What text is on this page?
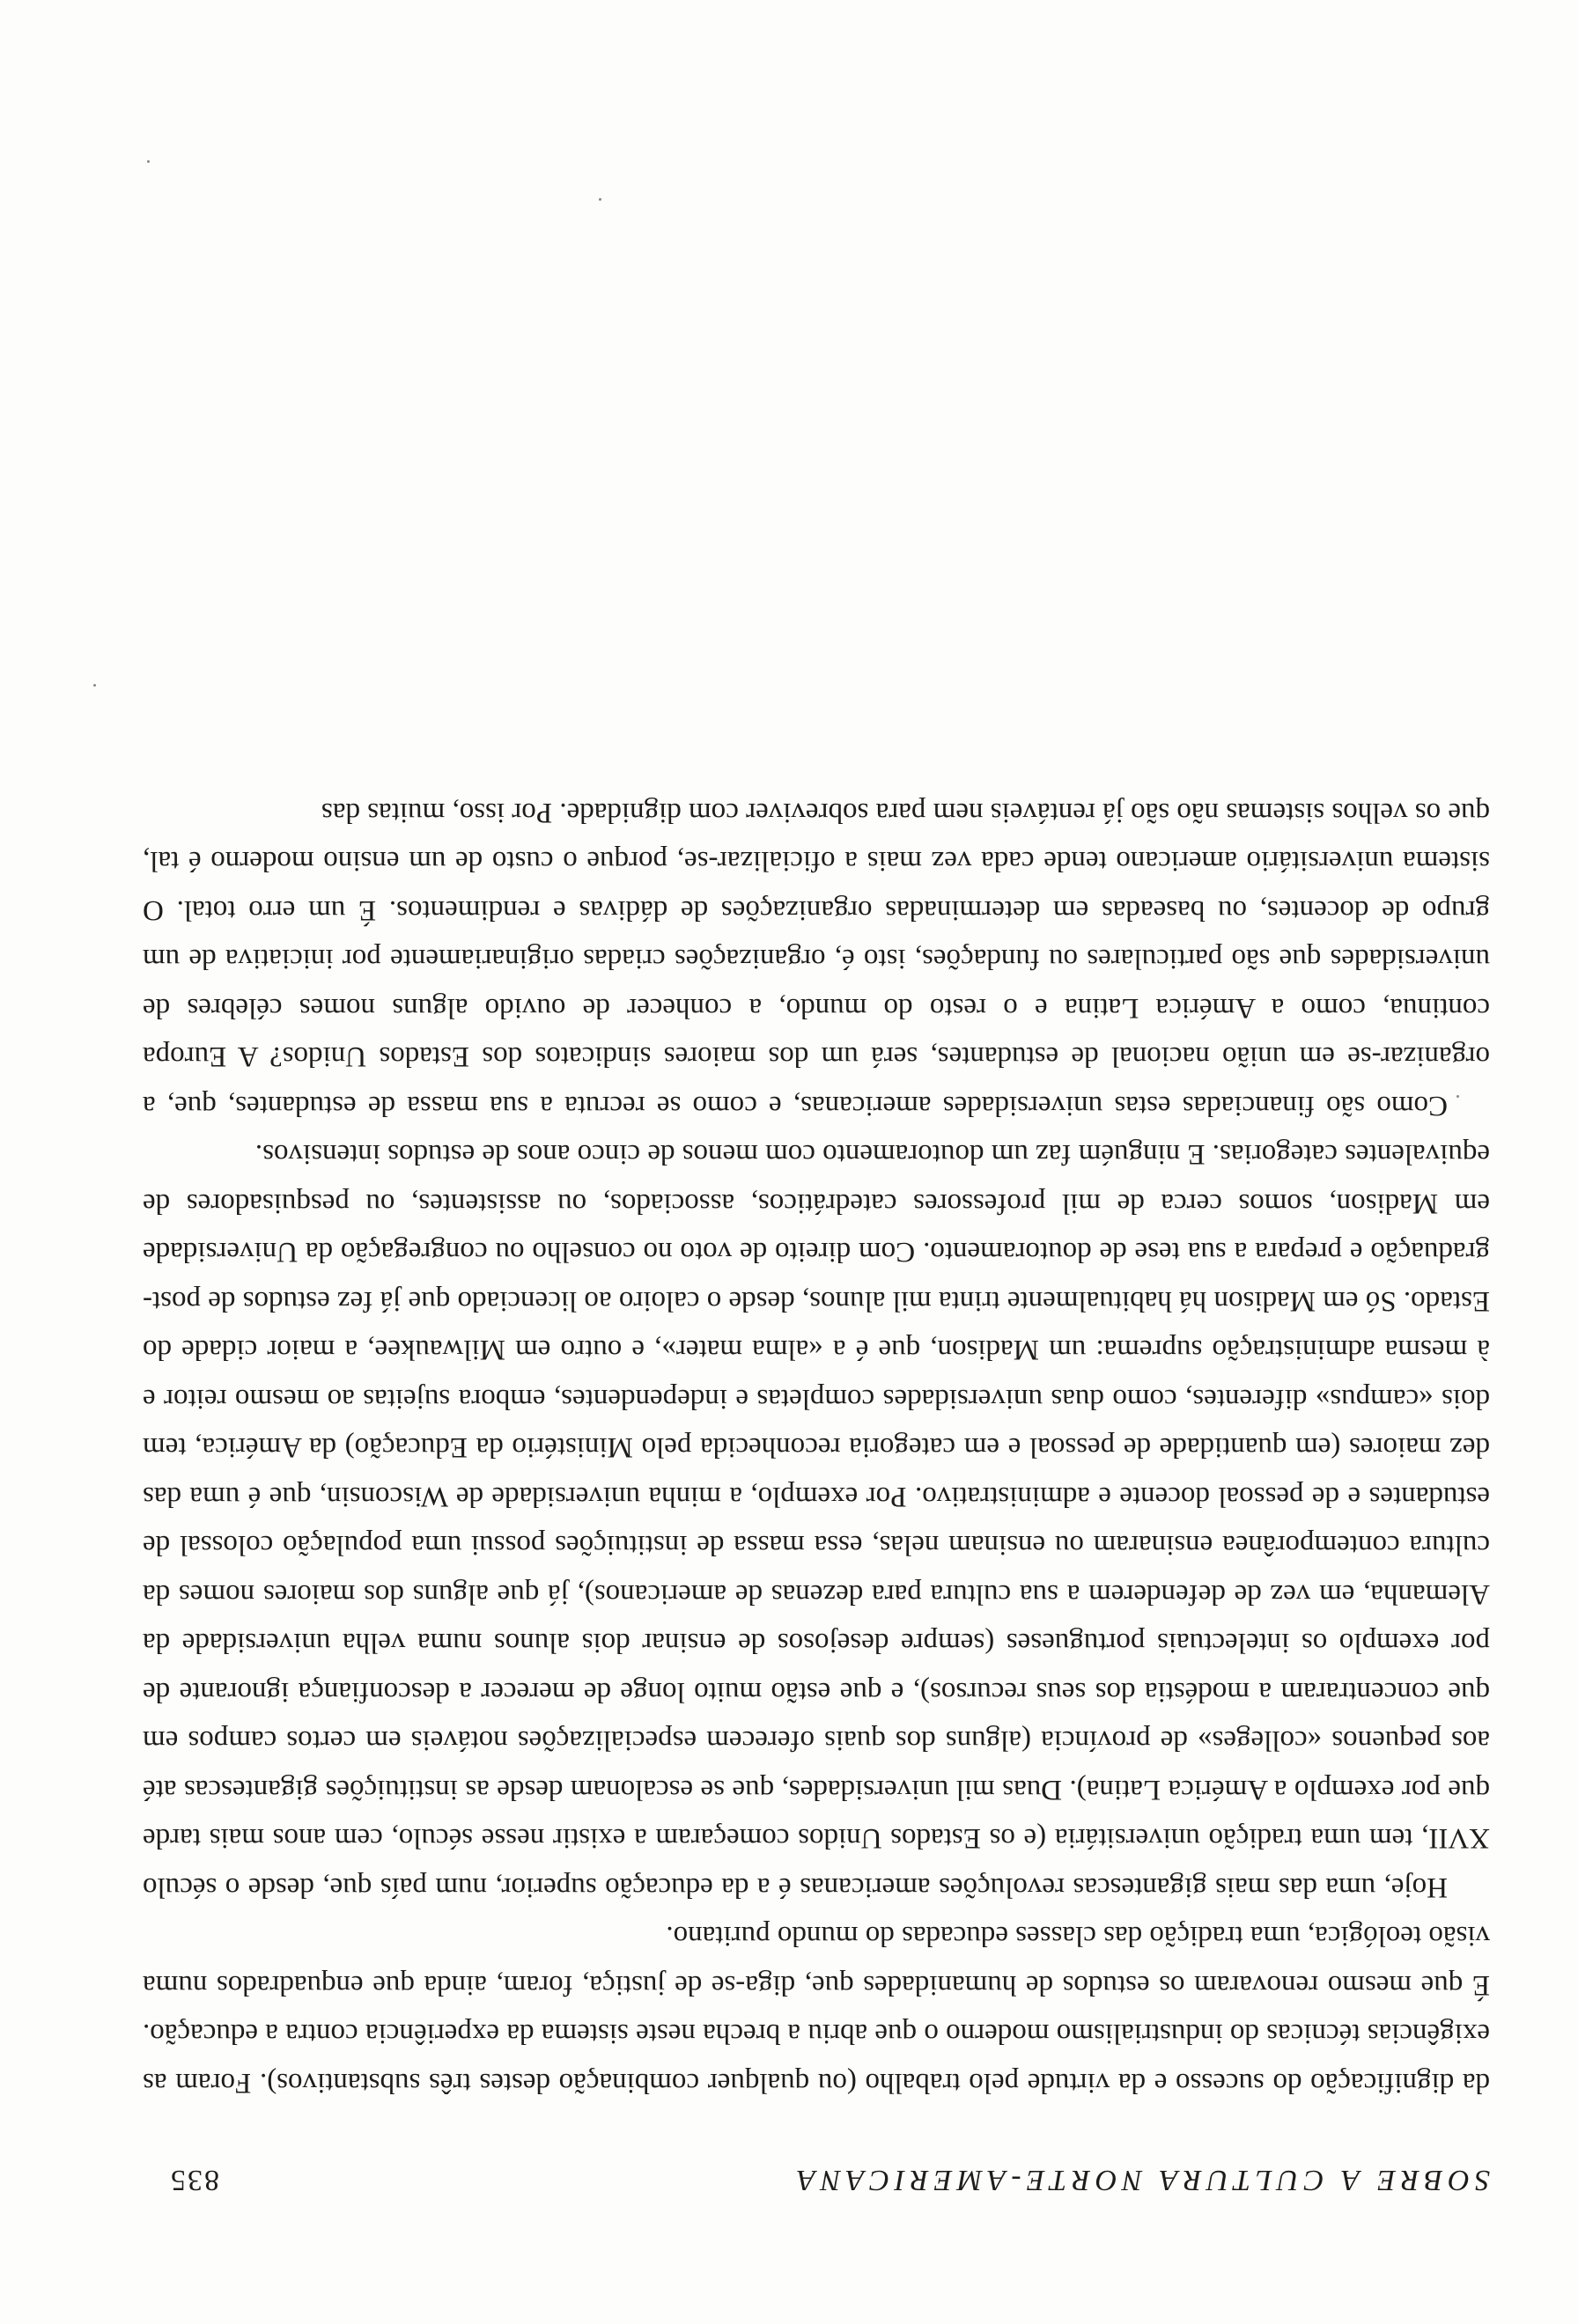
SOBRE A CULTURA NORTE-AMERICANA
835

da dignificação do sucesso e da virtude pelo trabalho (ou qualquer combinação destes três substantivos). Foram as exigências técnicas do industrialismo moderno o que abriu a brecha neste sistema da experiência contra a educação. É que mesmo renovaram os estudos de humanidades que, diga-se de justiça, foram, ainda que enquadrados numa visão teológica, uma tradição das classes educadas do mundo puritano.

Hoje, uma das mais gigantescas revoluções americanas é a da educação superior, num país que, desde o século XVII, tem uma tradição universitária (e os Estados Unidos começaram a existir nesse século, cem anos mais tarde que por exemplo a América Latina). Duas mil universidades, que se escalonam desde as instituições gigantescas até aos pequenos «colleges» de província (alguns dos quais oferecem especializações notáveis em certos campos em que concentraram a modéstia dos seus recursos), e que estão muito longe de merecer a desconfiança ignorante de por exemplo os intelectuais portugueses (sempre desejosos de ensinar dois alunos numa velha universidade da Alemanha, em vez de defenderem a sua cultura para dezenas de americanos), já que alguns dos maiores nomes da cultura contemporânea ensinaram ou ensinam nelas, essa massa de instituições possui uma população colossal de estudantes e de pessoal docente e administrativo. Por exemplo, a minha universidade de Wisconsin, que é uma das dez maiores (em quantidade de pessoal e em categoria reconhecida pelo Ministério da Educação) da América, tem dois «campus» diferentes, como duas universidades completas e independentes, embora sujeitas ao mesmo reitor e à mesma administração suprema: um Madison, que é a «alma mater», e outro em Milwaukee, a maior cidade do Estado. Só em Madison há habitualmente trinta mil alunos, desde o caloiro ao licenciado que já fez estudos de post-graduação e prepara a sua tese de doutoramento. Com direito de voto no conselho ou congregação da Universidade em Madison, somos cerca de mil professores catedráticos, associados, ou assistentes, ou pesquisadores de equivalentes categorias. E ninguém faz um doutoramento com menos de cinco anos de estudos intensivos.

Como são financiadas estas universidades americanas, e como se recruta a sua massa de estudantes, que, a organizar-se em união nacional de estudantes, será um dos maiores sindicatos dos Estados Unidos? A Europa continua, como a América Latina e o resto do mundo, a conhecer de ouvido alguns nomes célebres de universidades que são particulares ou fundações, isto é, organizações criadas originariamente por iniciativa de um grupo de docentes, ou baseadas em determinadas organizações de dádivas e rendimentos. É um erro total. O sistema universitário americano tende cada vez mais a oficializar-se, porque o custo de um ensino moderno é tal, que os velhos sistemas não são já rentáveis nem para sobreviver com dignidade. Por isso, muitas das
